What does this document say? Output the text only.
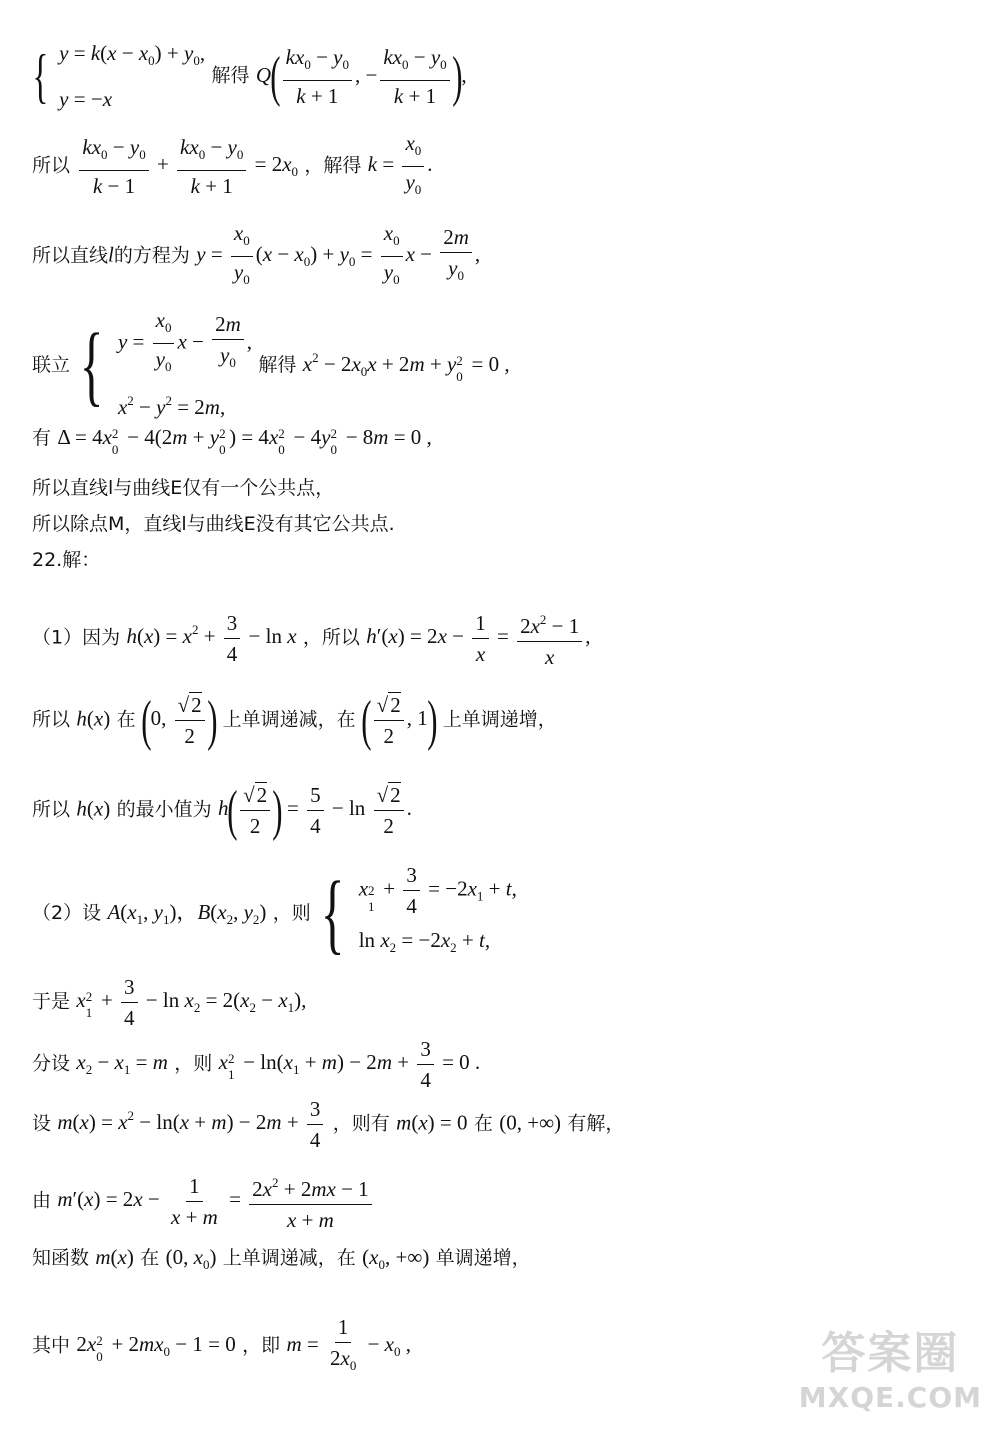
{ $y = k(x - x_0) + y_0$,
y = −x
解得 $Q( \frac{kx_0 - y_0}{k + 1}$ , − $\frac{kx_0 - y_0}{k + 1}$ ),
所以 $\frac{kx_0 - y_0}{k - 1} + \frac{kx_0 - y_0}{k + 1} = 2x_0$ ，解得 $k = \frac{x_0}{y_0}$ .
所以直线l的方程为 $y = \frac{x_0}{y_0} (x - x_0) + y_0 = \frac{x_0}{y_0}$ $x - \frac{2m}{y_0}$ ,
联立 { $y = \frac{x_0}{y_0}$ $x - \frac{2m}{y_0}$ ,
$x^2 - y^2 = 2m$,
解得 $x^2 - 2x_0x + 2m + y$ 2
0
= 0 ,
有 Δ = 4x 2
0
− 4(2m + y 2
0
) = 4x 2
0
− 4y 2
0
− 8m = 0 ,
所以直线l与曲线E仅有一个公共点，
所以除点M，直线l与曲线E没有其它公共点.
22.解：
（1）因为 $h(x) = x^2 + \frac{3}{4} - \ln x$ ，所以 $h'(x) = 2x - \frac{1}{x} = \frac{2x^2 - 1}{x}$ ,
所以 h(x) 在 (0, $\frac{√2}{2}$ ) 上单调递减，在 ( $\frac{√2}{2}$ , 1) 上单调递增，
所以 h(x) 的最小值为 $h( \frac{√2}{2}$ ) = $\frac{5}{4} - \ln \frac{√2}{2}$ .
（2）设 $A(x_1$, $y_1$)，$B(x_2$, $y_2$) ，则 { x 2
1
+ $\frac{3}{4} = -2x_1 + t$,
$\ln x_2 = -2x_2 + t$,
于是 x 2
1
+ $\frac{3}{4} - \ln x_2 = 2(x_2 - x_1)$,
分设 $x_2 - x_1 = m$ ，则 x 2
1
− $\ln(x_1 + m) - 2m + \frac{3}{4} = 0$ .
设 $m(x) = x^2 - \ln(x + m) - 2m + \frac{3}{4}$ ，则有 m(x) = 0 在 (0, +∞) 有解，
由 $m'(x) = 2x - \frac{1}{x + m} = \frac{2x^2 + 2mx - 1}{x + m}$
知函数 m(x) 在 (0, $x_0$) 上单调递减，在 ($x_0$, +∞) 单调递增，
其中 2x 2
0
+ $2mx_0 - 1 = 0$ ，即 $m = \frac{1}{2x_0} - x_0$ ,	答案圈
MXQE.COM
